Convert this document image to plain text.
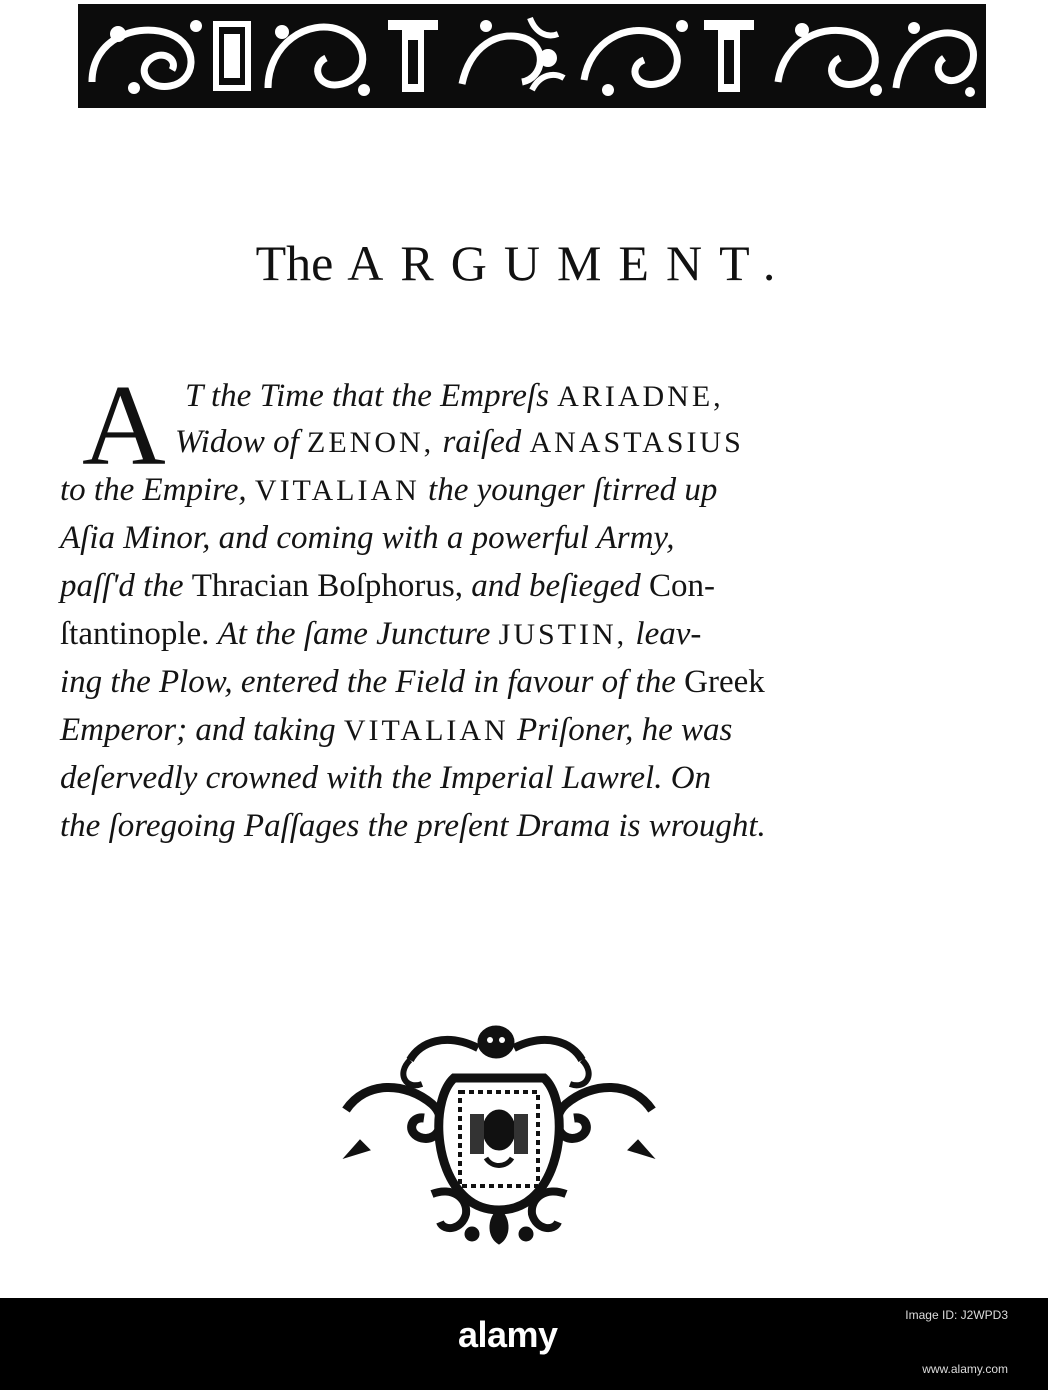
The ARGUMENT.
A T the Time that the Empreſs ARIADNE,
Widow of ZENON, raiſed ANASTASIUS
to the Empire, VITALIAN the younger ſtirred up
Aſia Minor, and coming with a powerful Army,
paſſ'd the Thracian Boſphorus, and beſieged Con-
ſtantinople. At the ſame Juncture JUSTIN, leav-
ing the Plow, entered the Field in favour of the Greek
Emperor; and taking VITALIAN Priſoner, he was
deſervedly crowned with the Imperial Lawrel. On
the ſoregoing Paſſages the preſent Drama is wrought.
alamy	Image ID: J2WPD3
www.alamy.com
